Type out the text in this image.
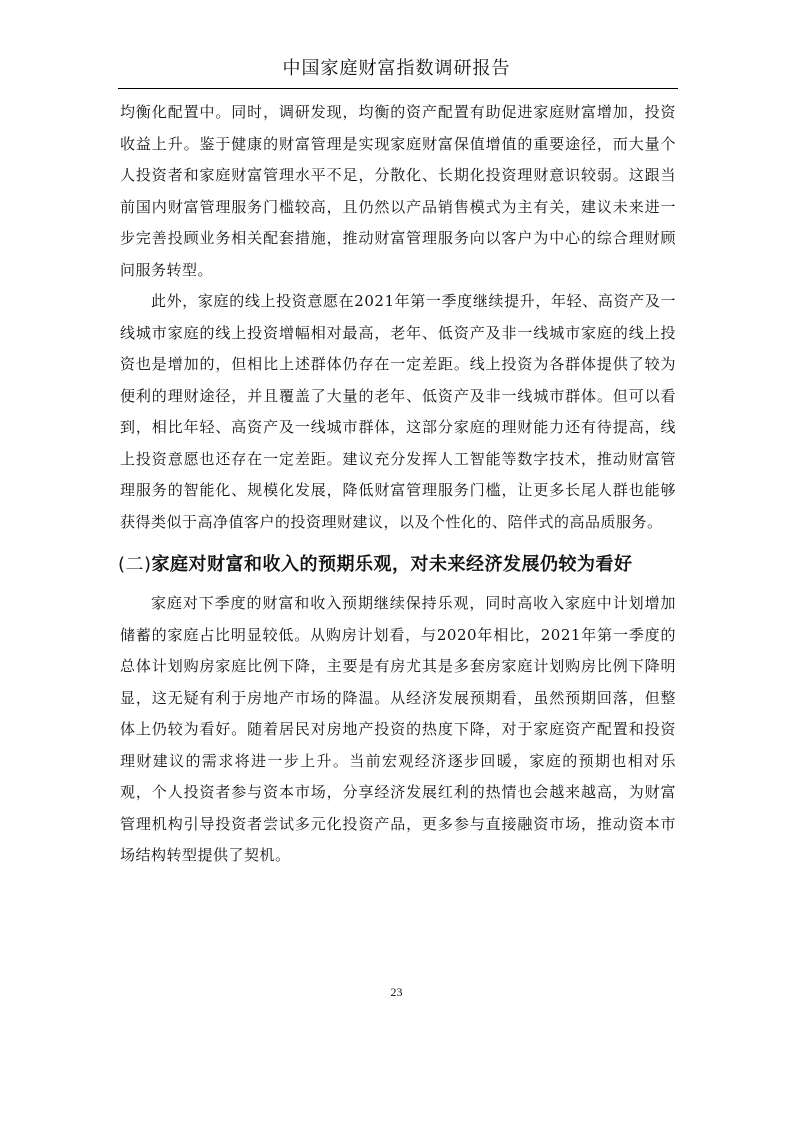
中国家庭财富指数调研报告

均衡化配置中。同时，调研发现，均衡的资产配置有助促进家庭财富增加，投资收益上升。鉴于健康的财富管理是实现家庭财富保值增值的重要途径，而大量个人投资者和家庭财富管理水平不足，分散化、长期化投资理财意识较弱。这跟当前国内财富管理服务门槛较高，且仍然以产品销售模式为主有关，建议未来进一步完善投顾业务相关配套措施，推动财富管理服务向以客户为中心的综合理财顾问服务转型。

此外，家庭的线上投资意愿在2021年第一季度继续提升，年轻、高资产及一线城市家庭的线上投资增幅相对最高，老年、低资产及非一线城市家庭的线上投资也是增加的，但相比上述群体仍存在一定差距。线上投资为各群体提供了较为便利的理财途径，并且覆盖了大量的老年、低资产及非一线城市群体。但可以看到，相比年轻、高资产及一线城市群体，这部分家庭的理财能力还有待提高，线上投资意愿也还存在一定差距。建议充分发挥人工智能等数字技术，推动财富管理服务的智能化、规模化发展，降低财富管理服务门槛，让更多长尾人群也能够获得类似于高净值客户的投资理财建议，以及个性化的、陪伴式的高品质服务。

(二)家庭对财富和收入的预期乐观，对未来经济发展仍较为看好

家庭对下季度的财富和收入预期继续保持乐观，同时高收入家庭中计划增加储蓄的家庭占比明显较低。从购房计划看，与2020年相比，2021年第一季度的总体计划购房家庭比例下降，主要是有房尤其是多套房家庭计划购房比例下降明显，这无疑有利于房地产市场的降温。从经济发展预期看，虽然预期回落，但整体上仍较为看好。随着居民对房地产投资的热度下降，对于家庭资产配置和投资理财建议的需求将进一步上升。当前宏观经济逐步回暖，家庭的预期也相对乐观，个人投资者参与资本市场，分享经济发展红利的热情也会越来越高，为财富管理机构引导投资者尝试多元化投资产品，更多参与直接融资市场，推动资本市场结构转型提供了契机。

23
